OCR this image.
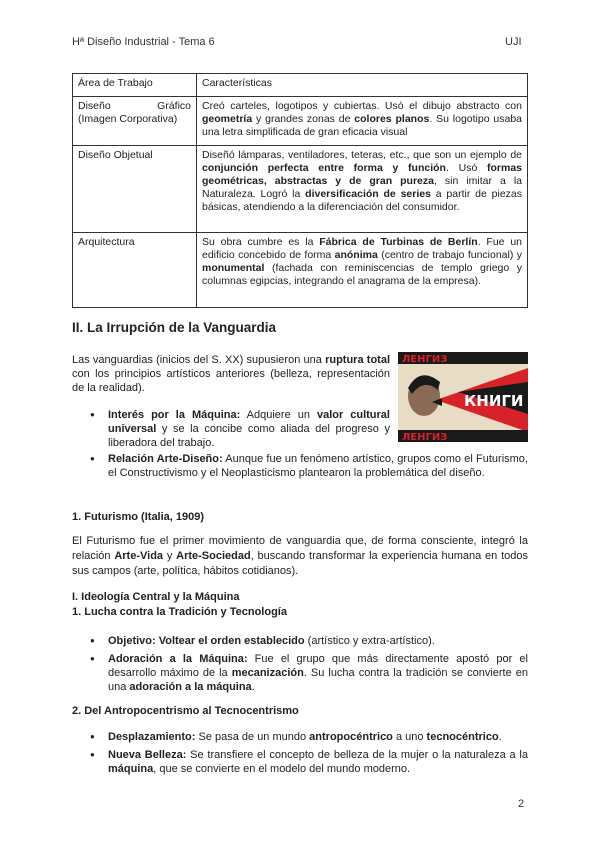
Hª Diseño Industrial - Tema 6	UJI
Área de Trabajo	Características

Diseño Gráfico
(Imagen Corporativa)	Creó carteles, logotipos y cubiertas. Usó el dibujo abstracto con geometría y grandes zonas de colores planos. Su logotipo usaba una letra simplificada de gran eficacia visual
Diseño Objetual	Diseñó lámparas, ventiladores, teteras, etc., que son un ejemplo de conjunción perfecta entre forma y función. Usó formas geométricas, abstractas y de gran pureza, sin imitar a la Naturaleza. Logró la diversificación de series a partir de piezas básicas, atendiendo a la diferenciación del consumidor.
Arquitectura	Su obra cumbre es la Fábrica de Turbinas de Berlín. Fue un edificio concebido de forma anónima (centro de trabajo funcional) y monumental (fachada con reminiscencias de templo griego y columnas egipcias, integrando el anagrama de la empresa).
II. La Irrupción de la Vanguardia

Las vanguardias (inicios del S. XX) supusieron una ruptura total con los principios artísticos anteriores (belleza, representación de la realidad).

ЛЕНГИЗ
КНИГИ
ЛЕНГИЗ
● Interés por la Máquina: Adquiere un valor cultural universal y se la concibe como aliada del progreso y liberadora del trabajo.
● Relación Arte-Diseño: Aunque fue un fenómeno artístico, grupos como el Futurismo, el Constructivismo y el Neoplasticismo plantearon la problemática del diseño.

1. Futurismo (Italia, 1909)

El Futurismo fue el primer movimiento de vanguardia que, de forma consciente, integró la relación Arte-Vida y Arte-Sociedad, buscando transformar la experiencia humana en todos sus campos (arte, política, hábitos cotidianos).

I. Ideología Central y la Máquina

1. Lucha contra la Tradición y Tecnología

● Objetivo: Voltear el orden establecido (artístico y extra-artístico).
● Adoración a la Máquina: Fue el grupo que más directamente apostó por el desarrollo máximo de la mecanización. Su lucha contra la tradición se convierte en una adoración a la máquina.

2. Del Antropocentrismo al Tecnocentrismo

● Desplazamiento: Se pasa de un mundo antropocéntrico a uno tecnocéntrico.
● Nueva Belleza: Se transfiere el concepto de belleza de la mujer o la naturaleza a la máquina, que se convierte en el modelo del mundo moderno.
2
